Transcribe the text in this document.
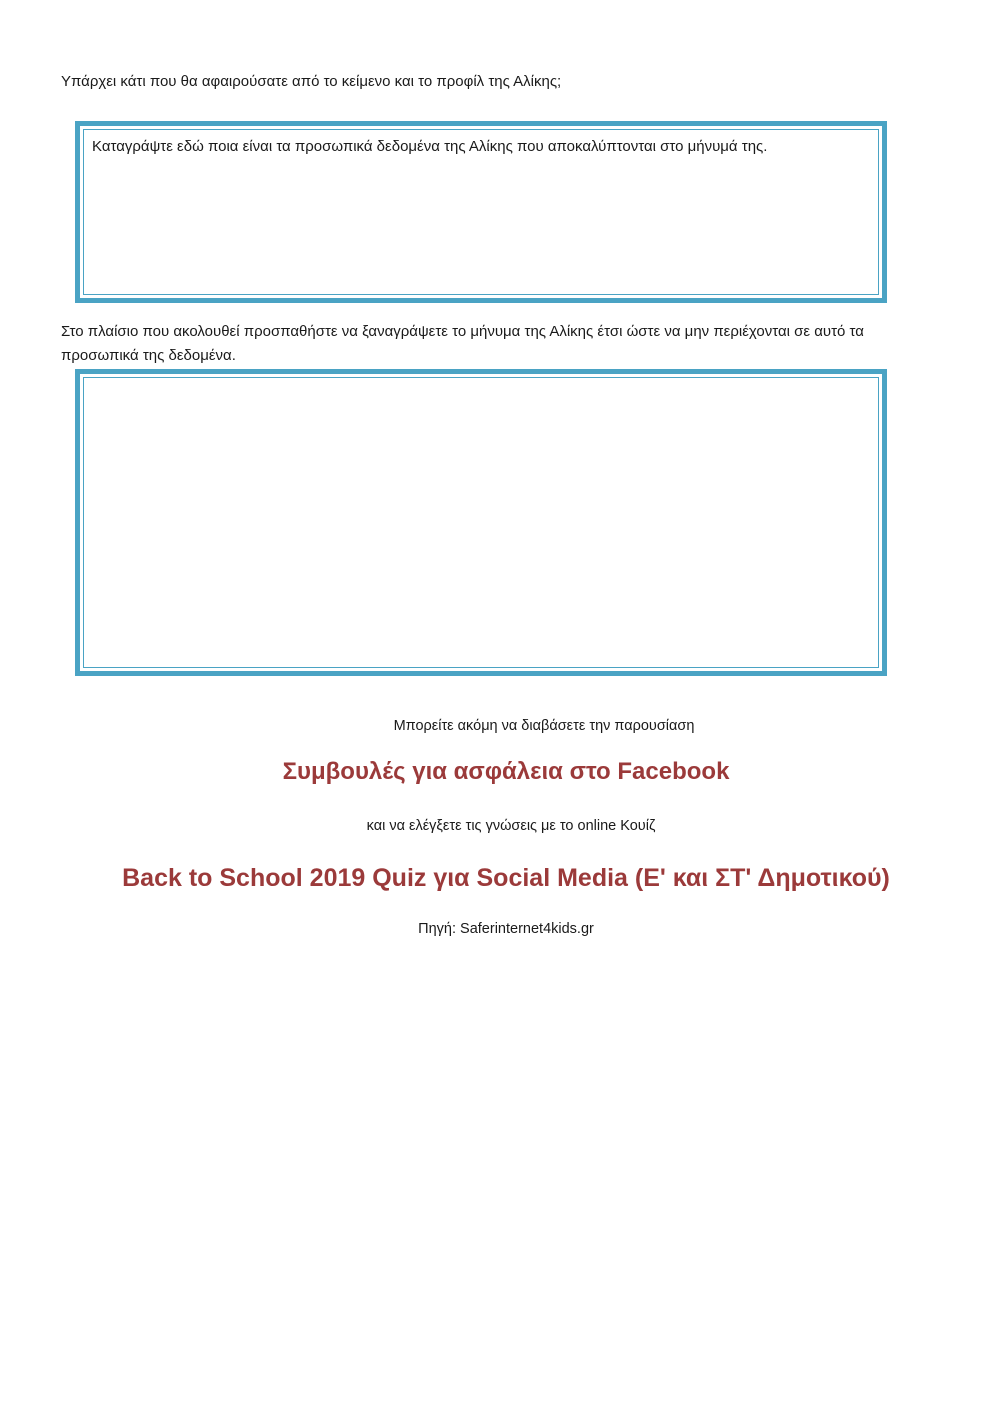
Υπάρχει κάτι που θα αφαιρούσατε από το κείμενο και το προφίλ της Αλίκης;
Καταγράψτε εδώ ποια είναι τα προσωπικά δεδομένα της Αλίκης που αποκαλύπτονται στο μήνυμά της.
Στο πλαίσιο που ακολουθεί προσπαθήστε να ξαναγράψετε το μήνυμα της Αλίκης έτσι ώστε να μην περιέχονται σε αυτό τα προσωπικά της δεδομένα.
Μπορείτε ακόμη να διαβάσετε την παρουσίαση
Συμβουλές για ασφάλεια στο Facebook
και να ελέγξετε τις γνώσεις με το online Κουίζ
Back to School 2019 Quiz για Social Media (Ε' και ΣΤ' Δημοτικού)
Πηγή: Saferinternet4kids.gr
